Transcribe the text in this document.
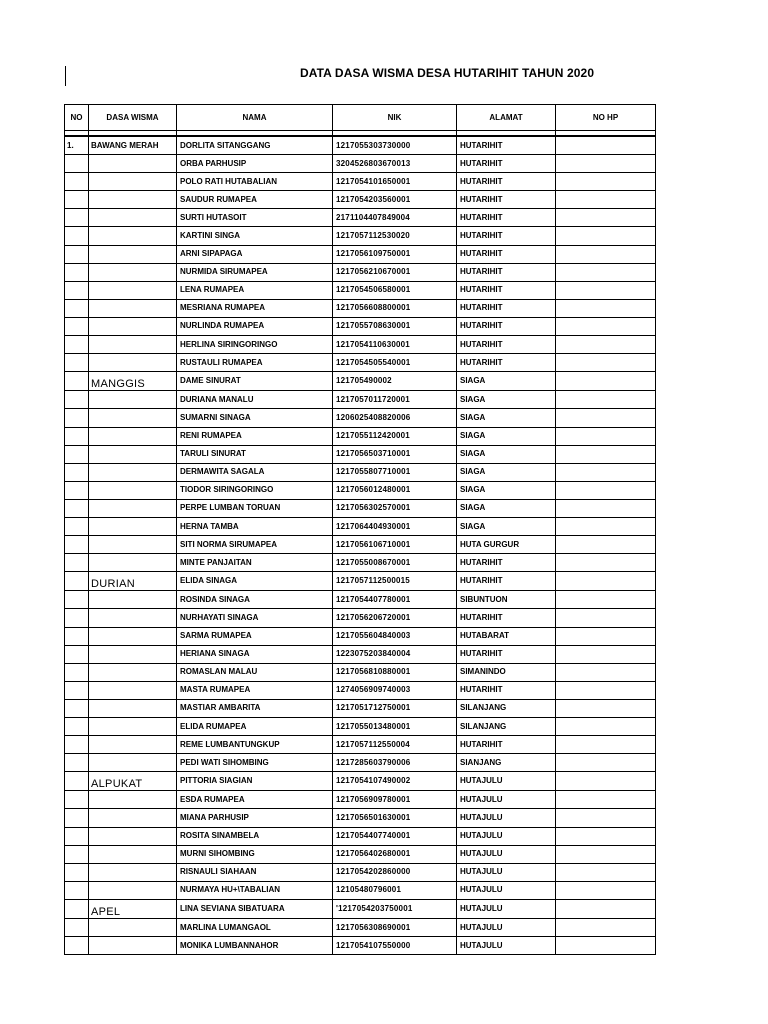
DATA DASA WISMA DESA HUTARIHIT TAHUN 2020
NO	DASA WISMA	NAMA	NIK	ALAMAT	NO HP

1.	BAWANG MERAH	DORLITA SITANGGANG	1217055303730000	HUTARIHIT	
		ORBA PARHUSIP	3204526803670013	HUTARIHIT	
		POLO RATI HUTABALIAN	1217054101650001	HUTARIHIT	
		SAUDUR RUMAPEA	1217054203560001	HUTARIHIT	
		SURTI HUTASOIT	2171104407849004	HUTARIHIT	
		KARTINI SINGA	1217057112530020	HUTARIHIT	
		ARNI SIPAPAGA	1217056109750001	HUTARIHIT	
		NURMIDA SIRUMAPEA	1217056210670001	HUTARIHIT	
		LENA RUMAPEA	1217054506580001	HUTARIHIT	
		MESRIANA RUMAPEA	1217056608800001	HUTARIHIT	
		NURLINDA RUMAPEA	1217055708630001	HUTARIHIT	
		HERLINA SIRINGORINGO	1217054110630001	HUTARIHIT	
		RUSTAULI RUMAPEA	1217054505540001	HUTARIHIT	
	MANGGIS	DAME SINURAT	121705490002	SIAGA	
		DURIANA MANALU	1217057011720001	SIAGA	
		SUMARNI SINAGA	1206025408820006	SIAGA	
		RENI RUMAPEA	1217055112420001	SIAGA	
		TARULI SINURAT	1217056503710001	SIAGA	
		DERMAWITA SAGALA	1217055807710001	SIAGA	
		TIODOR SIRINGORINGO	1217056012480001	SIAGA	
		PERPE LUMBAN TORUAN	1217056302570001	SIAGA	
		HERNA TAMBA	1217064404930001	SIAGA	
		SITI NORMA SIRUMAPEA	1217056106710001	HUTA GURGUR	
		MINTE PANJAITAN	1217055008670001	HUTARIHIT	
	DURIAN	ELIDA SINAGA	1217057112500015	HUTARIHIT	
		ROSINDA SINAGA	1217054407780001	SIBUNTUON	
		NURHAYATI SINAGA	1217056206720001	HUTARIHIT	
		SARMA RUMAPEA	1217055604840003	HUTABARAT	
		HERIANA SINAGA	1223075203840004	HUTARIHIT	
		ROMASLAN MALAU	1217056810880001	SIMANINDO	
		MASTA RUMAPEA	1274056909740003	HUTARIHIT	
		MASTIAR AMBARITA	1217051712750001	SILANJANG	
		ELIDA RUMAPEA	1217055013480001	SILANJANG	
		REME LUMBANTUNGKUP	1217057112550004	HUTARIHIT	
		PEDI WATI SIHOMBING	1217285603790006	SIANJANG	
	ALPUKAT	PITTORIA SIAGIAN	1217054107490002	HUTAJULU	
		ESDA RUMAPEA	1217056909780001	HUTAJULU	
		MIANA PARHUSIP	1217056501630001	HUTAJULU	
		ROSITA SINAMBELA	1217054407740001	HUTAJULU	
		MURNI SIHOMBING	1217056402680001	HUTAJULU	
		RISNAULI SIAHAAN	1217054202860000	HUTAJULU	
		NURMAYA HU+\TABALIAN	12105480796001	HUTAJULU	
	APEL	LINA SEVIANA SIBATUARA	'1217054203750001	HUTAJULU	
		MARLINA LUMANGAOL	1217056308690001	HUTAJULU	
		MONIKA LUMBANNAHOR	1217054107550000	HUTAJULU	
